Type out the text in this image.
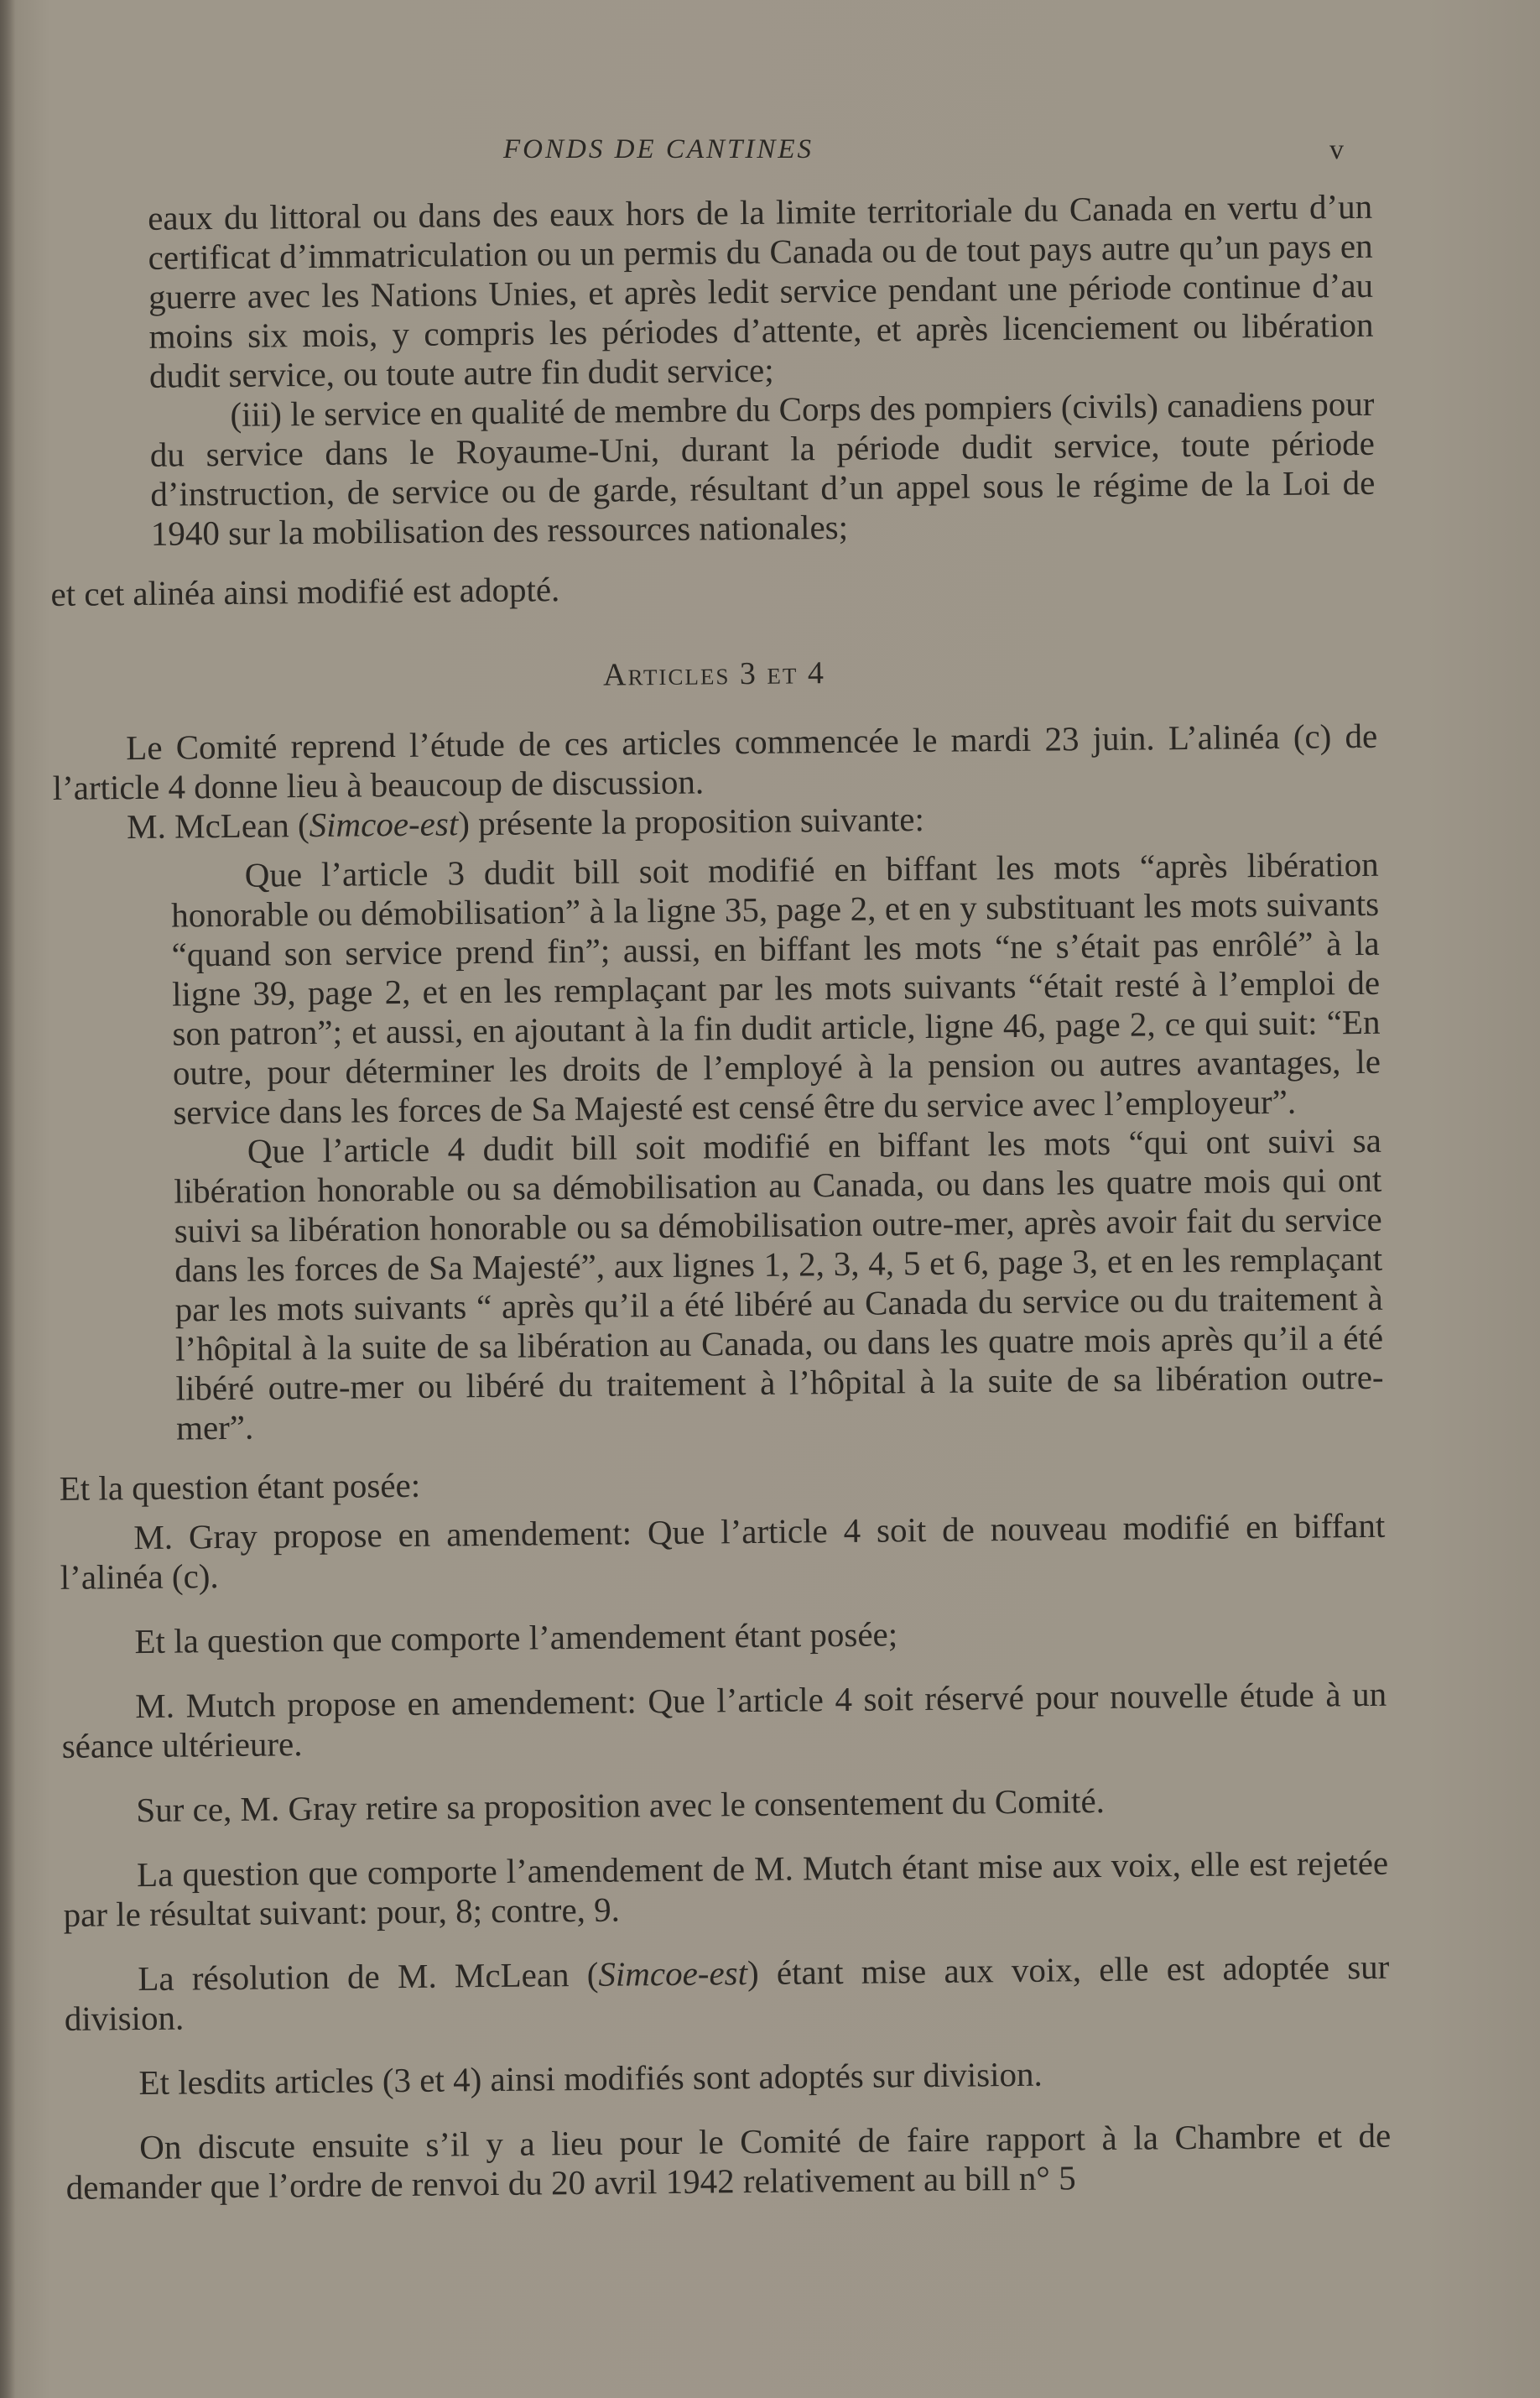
FONDS DE CANTINES	v

eaux du littoral ou dans des eaux hors de la limite territoriale du Canada en vertu d’un certificat d’immatriculation ou un permis du Canada ou de tout pays autre qu’un pays en guerre avec les Nations Unies, et après ledit service pendant une période continue d’au moins six mois, y compris les périodes d’attente, et après licenciement ou libération dudit service, ou toute autre fin dudit service;

(iii) le service en qualité de membre du Corps des pompiers (civils) canadiens pour du service dans le Royaume-Uni, durant la période dudit service, toute période d’instruction, de service ou de garde, résultant d’un appel sous le régime de la Loi de 1940 sur la mobilisation des ressources nationales;

et cet alinéa ainsi modifié est adopté.

Articles 3 et 4

Le Comité reprend l’étude de ces articles commencée le mardi 23 juin. L’alinéa (c) de l’article 4 donne lieu à beaucoup de discussion.

M. McLean (Simcoe-est) présente la proposition suivante:

Que l’article 3 dudit bill soit modifié en biffant les mots “après libération honorable ou démobilisation” à la ligne 35, page 2, et en y substituant les mots suivants “quand son service prend fin”; aussi, en biffant les mots “ne s’était pas enrôlé” à la ligne 39, page 2, et en les remplaçant par les mots suivants “était resté à l’emploi de son patron”; et aussi, en ajoutant à la fin dudit article, ligne 46, page 2, ce qui suit: “En outre, pour déterminer les droits de l’employé à la pension ou autres avantages, le service dans les forces de Sa Majesté est censé être du service avec l’employeur”.

Que l’article 4 dudit bill soit modifié en biffant les mots “qui ont suivi sa libération honorable ou sa démobilisation au Canada, ou dans les quatre mois qui ont suivi sa libération honorable ou sa démobilisation outre-mer, après avoir fait du service dans les forces de Sa Majesté”, aux lignes 1, 2, 3, 4, 5 et 6, page 3, et en les remplaçant par les mots suivants “ après qu’il a été libéré au Canada du service ou du traitement à l’hôpital à la suite de sa libération au Canada, ou dans les quatre mois après qu’il a été libéré outre-mer ou libéré du traitement à l’hôpital à la suite de sa libération outre-mer”.

Et la question étant posée:

M. Gray propose en amendement: Que l’article 4 soit de nouveau modifié en biffant l’alinéa (c).

Et la question que comporte l’amendement étant posée;

M. Mutch propose en amendement: Que l’article 4 soit réservé pour nouvelle étude à un séance ultérieure.

Sur ce, M. Gray retire sa proposition avec le consentement du Comité.

La question que comporte l’amendement de M. Mutch étant mise aux voix, elle est rejetée par le résultat suivant: pour, 8; contre, 9.

La résolution de M. McLean (Simcoe-est) étant mise aux voix, elle est adoptée sur division.

Et lesdits articles (3 et 4) ainsi modifiés sont adoptés sur division.

On discute ensuite s’il y a lieu pour le Comité de faire rapport à la Chambre et de demander que l’ordre de renvoi du 20 avril 1942 relativement au bill n° 5
